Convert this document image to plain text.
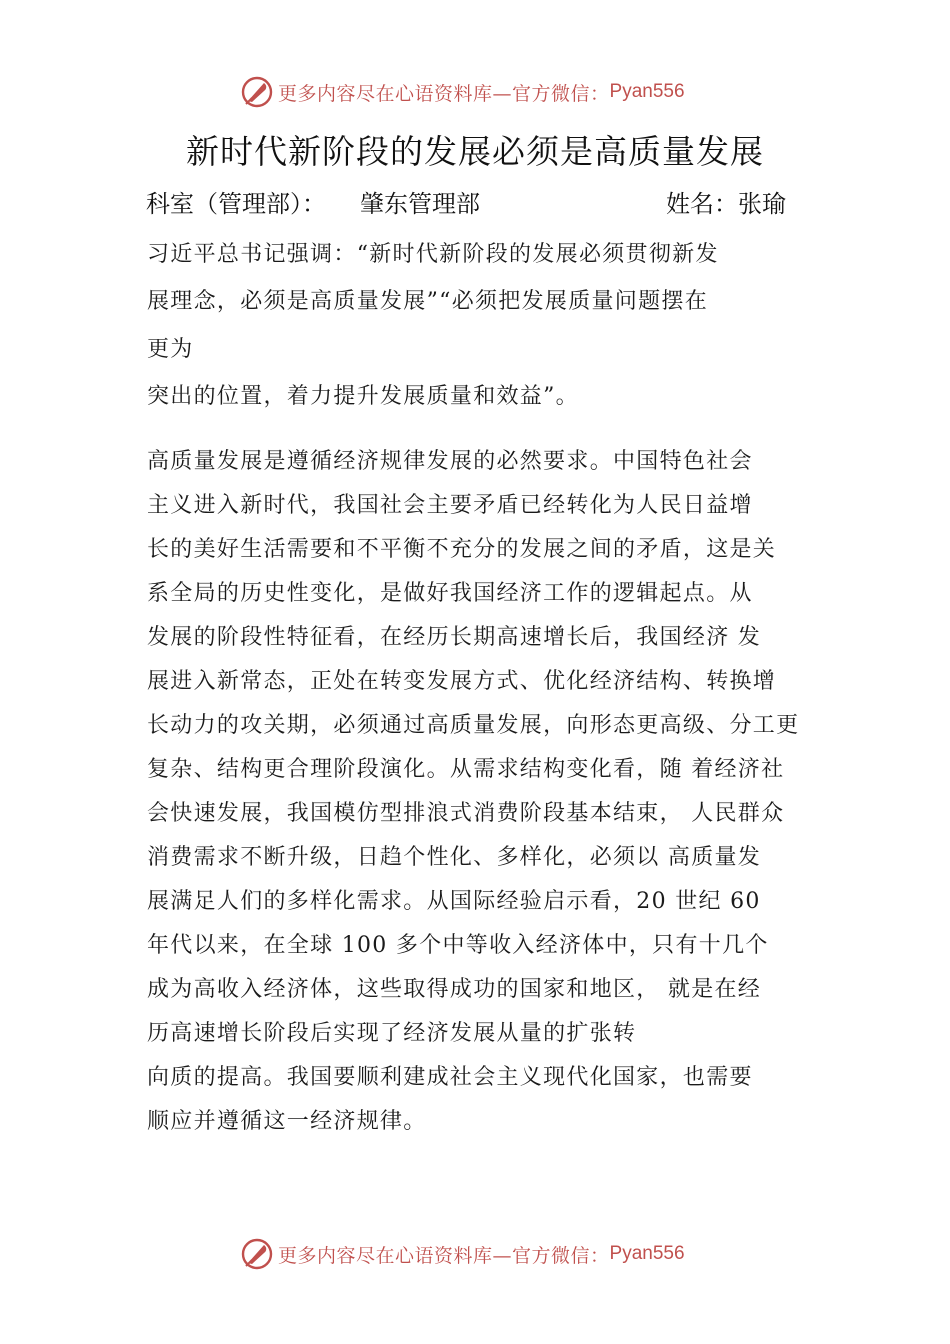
更多内容尽在心语资料库—官方微信： Pyan556
新时代新阶段的发展必须是高质量发展
科室（管理部）： 肇东管理部	姓名：张瑜
习近平总书记强调：“新时代新阶段的发展必须贯彻新发
展理念，必须是高质量发展”“必须把发展质量问题摆在
更为
突出的位置，着力提升发展质量和效益”。
高质量发展是遵循经济规律发展的必然要求。中国特色社会
主义进入新时代，我国社会主要矛盾已经转化为人民日益增
长的美好生活需要和不平衡不充分的发展之间的矛盾，这是关
系全局的历史性变化，是做好我国经济工作的逻辑起点。从
发展的阶段性特征看，在经历长期高速增长后，我国经济 发
展进入新常态，正处在转变发展方式、优化经济结构、转换增
长动力的攻关期，必须通过高质量发展，向形态更高级、分工更
复杂、结构更合理阶段演化。从需求结构变化看，随 着经济社
会快速发展，我国模仿型排浪式消费阶段基本结束， 人民群众
消费需求不断升级，日趋个性化、多样化，必须以 高质量发
展满足人们的多样化需求。从国际经验启示看，20 世纪 60
年代以来，在全球 100 多个中等收入经济体中，只有十几个
成为高收入经济体，这些取得成功的国家和地区， 就是在经
历高速增长阶段后实现了经济发展从量的扩张转
向质的提高。我国要顺利建成社会主义现代化国家，也需要
顺应并遵循这一经济规律。
更多内容尽在心语资料库—官方微信： Pyan556
